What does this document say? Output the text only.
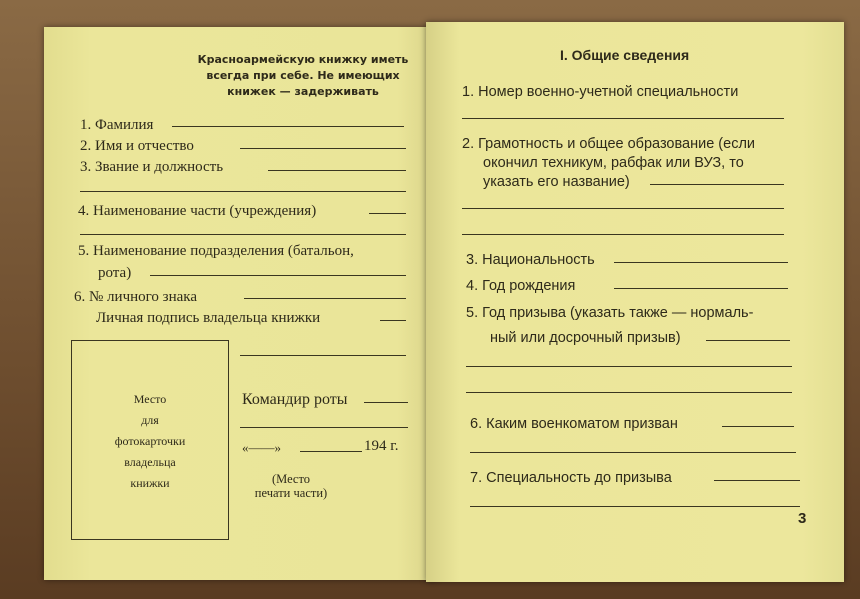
Красноармейскую книжку иметь
всегда при себе. Не имеющих
книжек — задерживать
1. Фамилия
2. Имя и отчество
3. Звание и должность
4. Наименование части (учреждения)
5. Наименование подразделения (батальон,
рота)
6. № личного знака
Личная подпись владельца книжки
Место
для
фотокарточки
владельца
книжки
Командир роты
«——»	194 г.
(Место
печати части)
I. Общие сведения
1. Номер военно-учетной специальности
2. Грамотность и общее образование (если
окончил техникум, рабфак или ВУЗ, то
указать его название)
3. Национальность
4. Год рождения
5. Год призыва (указать также — нормаль-
ный или досрочный призыв)
6. Каким военкоматом призван
7. Специальность до призыва
3
